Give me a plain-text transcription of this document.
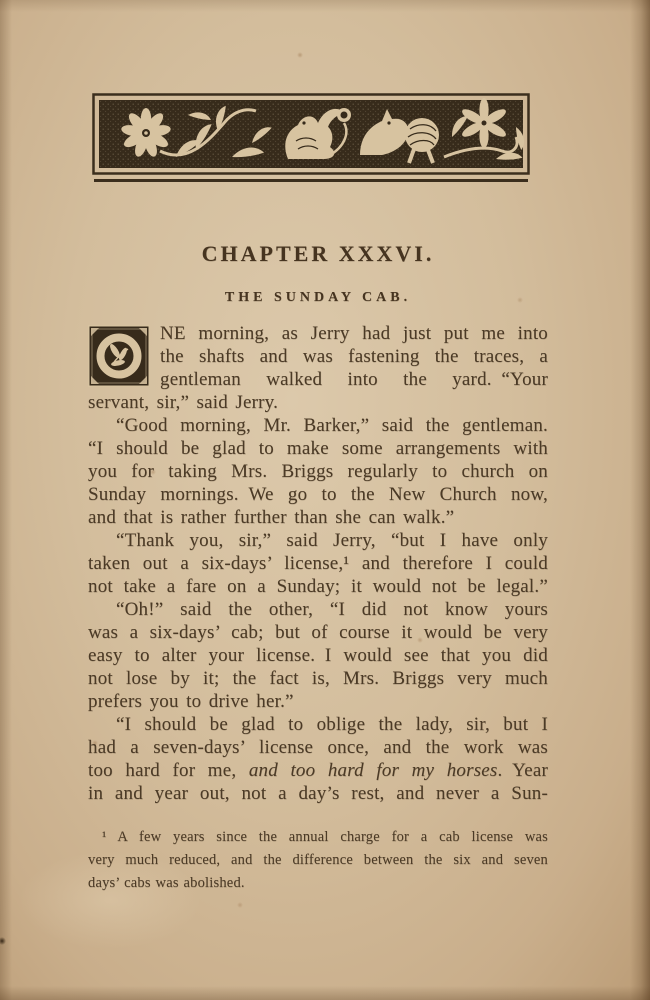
CHAPTER XXXVI.
THE SUNDAY CAB.
NE morning, as Jerry had just put me into
the shafts and was fastening the traces, a
gentleman walked into the yard. “Your
servant, sir,” said Jerry.
“Good morning, Mr. Barker,” said the gentleman.
“I should be glad to make some arrangements with
you for taking Mrs. Briggs regularly to church on
Sunday mornings. We go to the New Church now,
and that is rather further than she can walk.”
“Thank you, sir,” said Jerry, “but I have only
taken out a six-days’ license,¹ and therefore I could
not take a fare on a Sunday; it would not be legal.”
“Oh!” said the other, “I did not know yours
was a six-days’ cab; but of course it would be very
easy to alter your license. I would see that you did
not lose by it; the fact is, Mrs. Briggs very much
prefers you to drive her.”
“I should be glad to oblige the lady, sir, but I
had a seven-days’ license once, and the work was
too hard for me, and too hard for my horses. Year
in and year out, not a day’s rest, and never a Sun-
¹ A few years since the annual charge for a cab license was
very much reduced, and the difference between the six and seven
days’ cabs was abolished.
